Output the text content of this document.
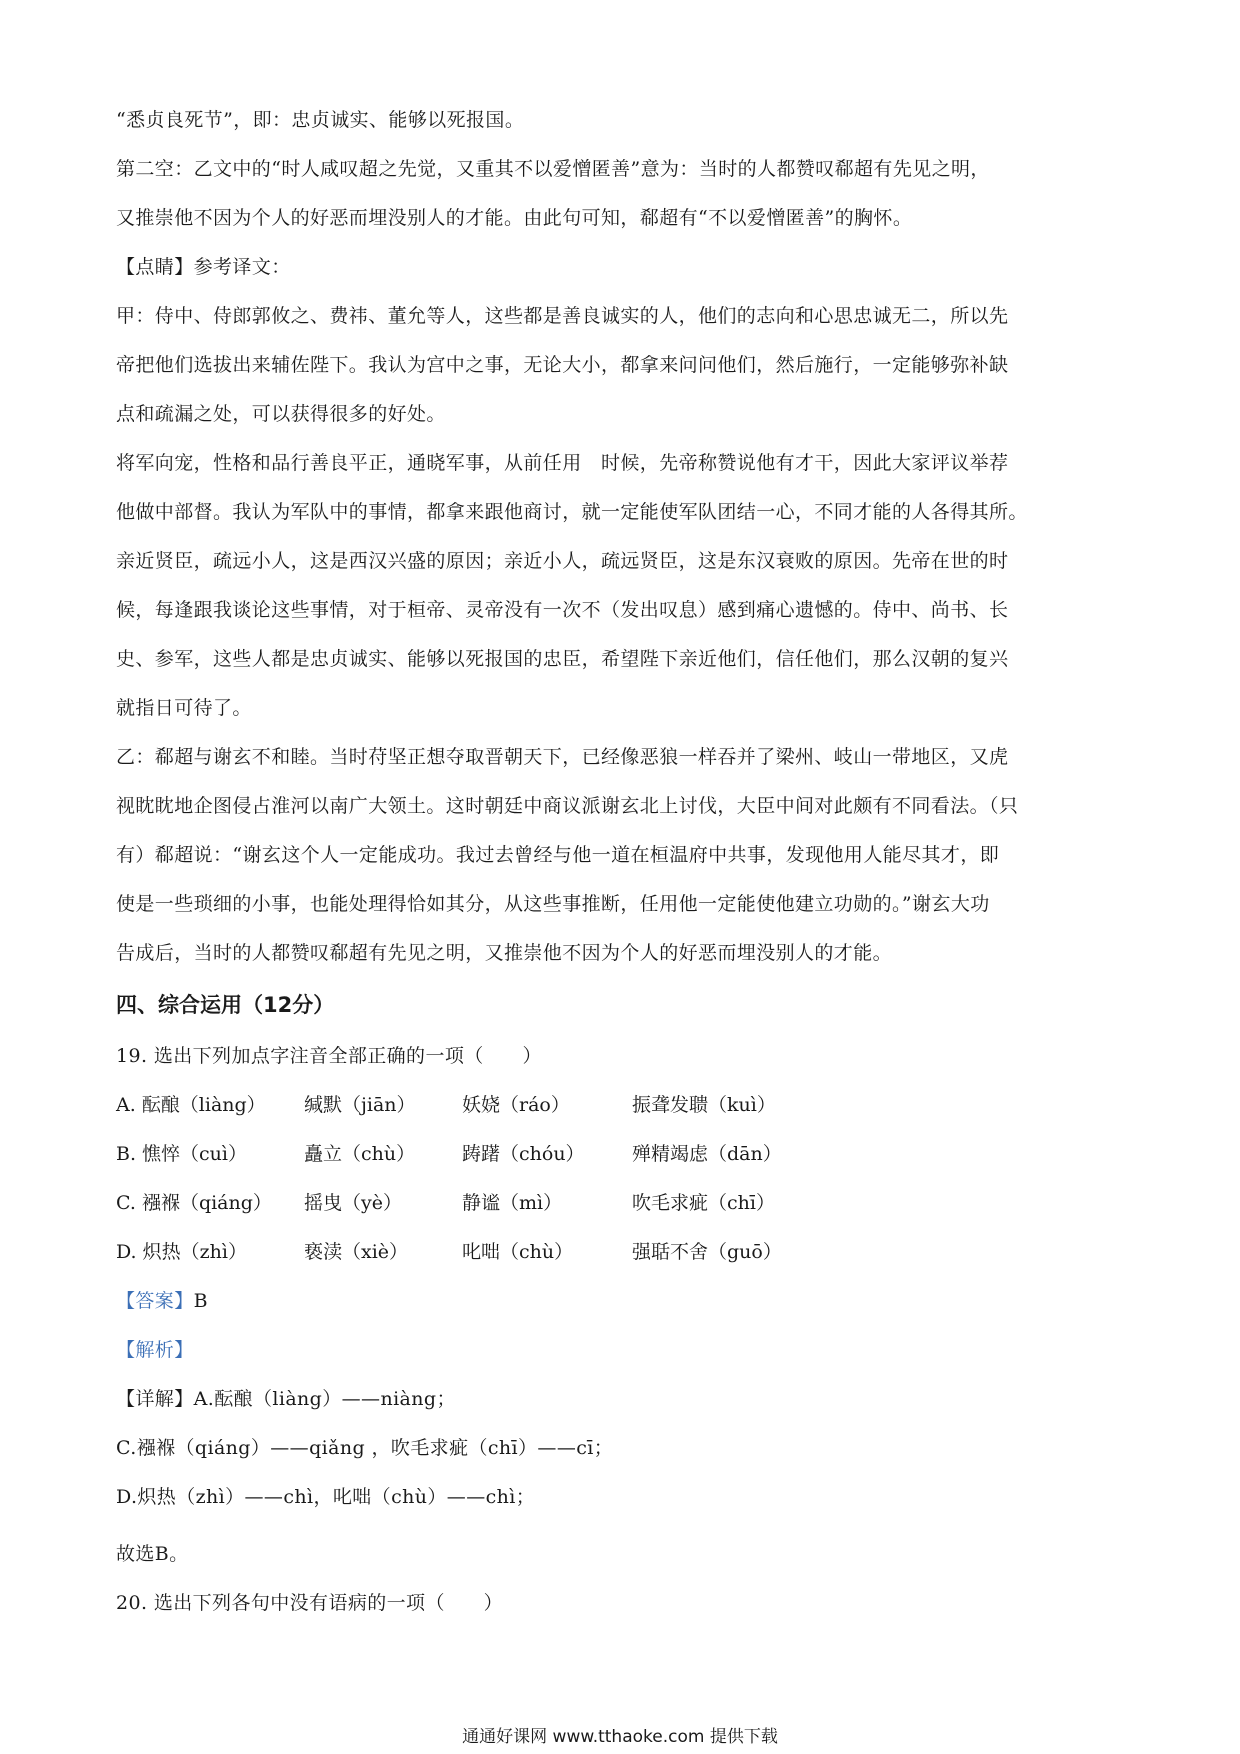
“悉贞良死节”，即：忠贞诚实、能够以死报国。

第二空：乙文中的“时人咸叹超之先觉，又重其不以爱憎匿善”意为：当时的人都赞叹郗超有先见之明，

又推崇他不因为个人的好恶而埋没别人的才能。由此句可知，郗超有“不以爱憎匿善”的胸怀。

【点睛】参考译文：

甲：侍中、侍郎郭攸之、费祎、董允等人，这些都是善良诚实的人，他们的志向和心思忠诚无二，所以先

帝把他们选拔出来辅佐陛下。我认为宫中之事，无论大小，都拿来问问他们，然后施行，一定能够弥补缺

点和疏漏之处，可以获得很多的好处。

将军向宠，性格和品行善良平正，通晓军事，从前任用　时候，先帝称赞说他有才干，因此大家评议举荐

他做中部督。我认为军队中的事情，都拿来跟他商讨，就一定能使军队团结一心，不同才能的人各得其所。

亲近贤臣，疏远小人，这是西汉兴盛的原因；亲近小人，疏远贤臣，这是东汉衰败的原因。先帝在世的时

候，每逢跟我谈论这些事情，对于桓帝、灵帝没有一次不（发出叹息）感到痛心遗憾的。侍中、尚书、长

史、参军，这些人都是忠贞诚实、能够以死报国的忠臣，希望陛下亲近他们，信任他们，那么汉朝的复兴

就指日可待了。

乙：郗超与谢玄不和睦。当时苻坚正想夺取晋朝天下，已经像恶狼一样吞并了梁州、岐山一带地区，又虎

视眈眈地企图侵占淮河以南广大领土。这时朝廷中商议派谢玄北上讨伐，大臣中间对此颇有不同看法。（只

有）郗超说：“谢玄这个人一定能成功。我过去曾经与他一道在桓温府中共事，发现他用人能尽其才，即

使是一些琐细的小事，也能处理得恰如其分，从这些事推断，任用他一定能使他建立功勋的。”谢玄大功

告成后，当时的人都赞叹郗超有先见之明，又推崇他不因为个人的好恶而埋没别人的才能。

四、综合运用（12分）

19. 选出下列加点字注音全部正确的一项（　　）

A. 酝酿（liàng）	缄默（jiān）	妖娆（ráo）	振聋发聩（kuì）
B. 憔悴（cuì）	矗立（chù）	踌躇（chóu）	殚精竭虑（dān）
C. 襁褓（qiáng）	摇曳（yè）	静谧（mì）	吹毛求疵（chī）
D. 炽热（zhì）	亵渎（xiè）	叱咄（chù）	强聒不舍（guō）

【答案】B

【解析】

【详解】A.酝酿（liàng）——niàng；

C.襁褓（qiáng）——qiǎng ，吹毛求疵（chī）——cī；

D.炽热（zhì）——chì，叱咄（chù）——chì；

故选B。

20. 选出下列各句中没有语病的一项（　　）

通通好课网 www.tthaoke.com 提供下载
